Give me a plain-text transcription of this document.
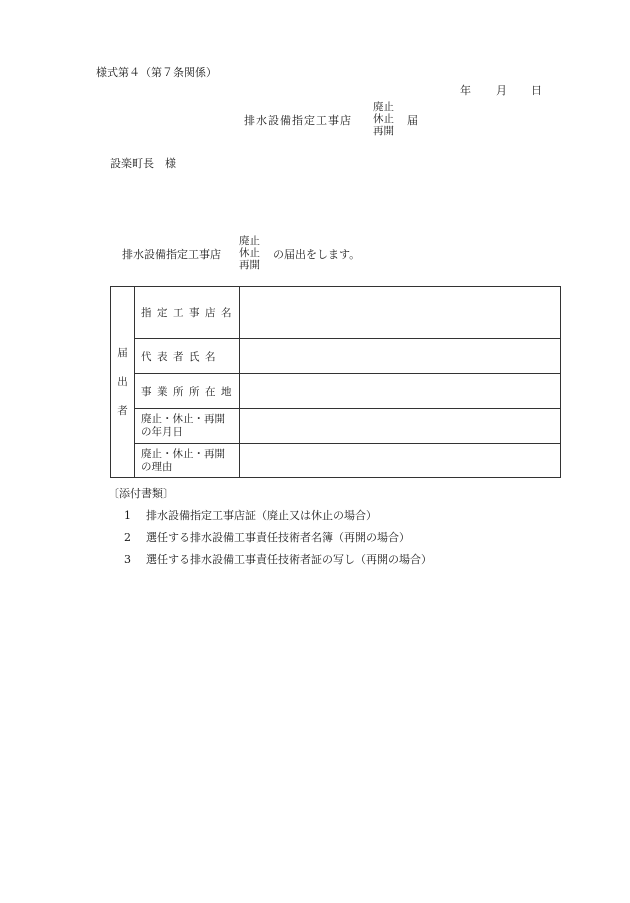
様式第４（第７条関係）
年 月 日
排水設備指定工事店
廃止
休止
再開
届
設楽町長　様
排水設備指定工事店
廃止
休止
再開
の届出をします。
届
出
者	指定工事店名	
	代表者氏名	
	事業所所在地	
	廃止・休止・再開
の年月日	
	廃止・休止・再開
の理由	
〔添付書類〕
1 排水設備指定工事店証（廃止又は休止の場合）
2 選任する排水設備工事責任技術者名簿（再開の場合）
3 選任する排水設備工事責任技術者証の写し（再開の場合）
